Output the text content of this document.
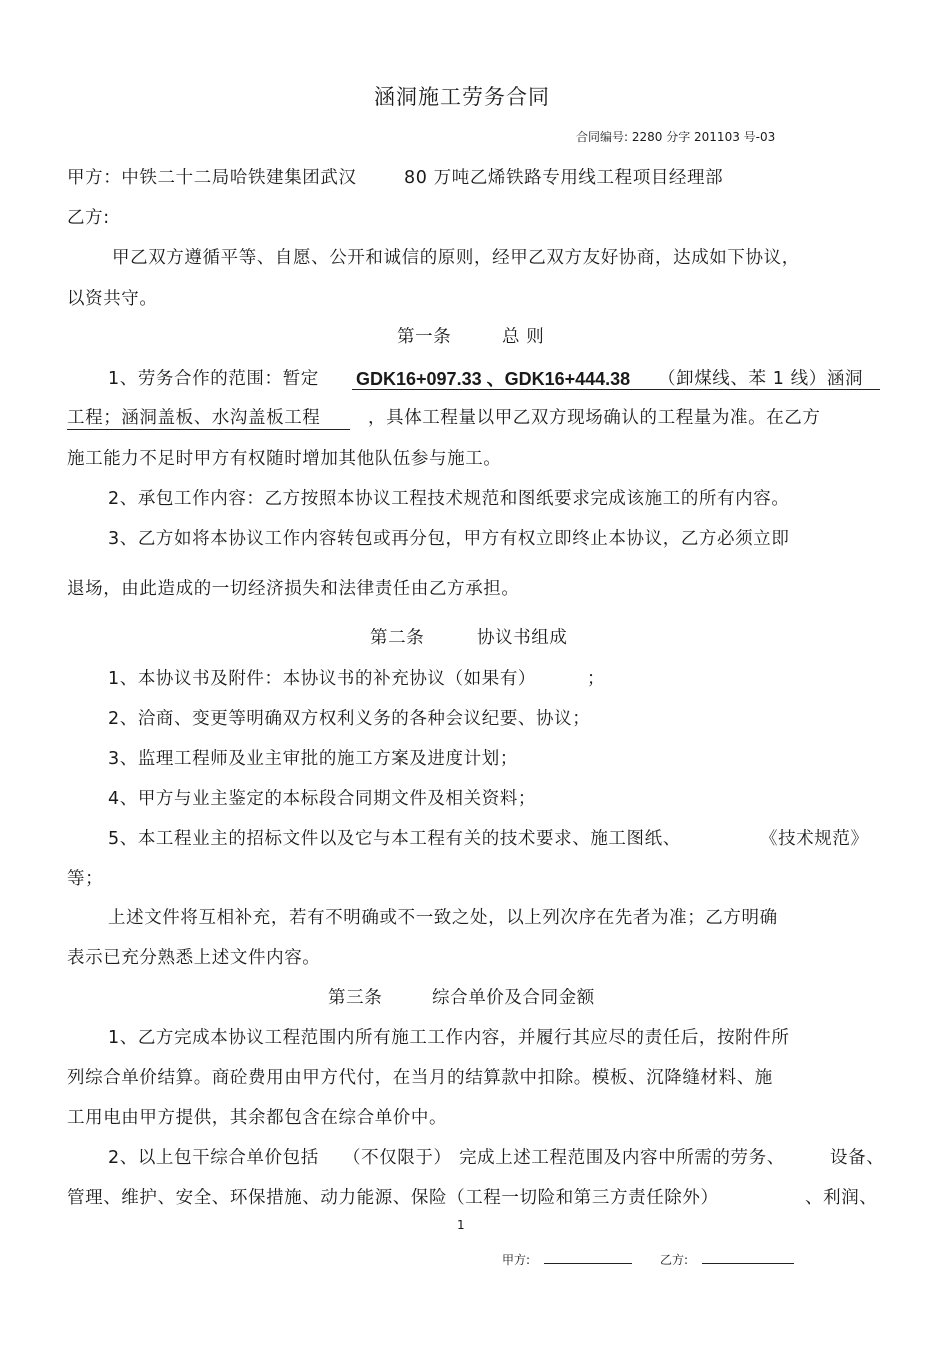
涵洞施工劳务合同
合同编号: 2280 分字 201103 号-03
甲方：中铁二十二局哈铁建集团武汉	80 万吨乙烯铁路专用线工程项目经理部
乙方:
甲乙双方遵循平等、自愿、公开和诚信的原则，经甲乙双方友好协商，达成如下协议，
以资共守。
第一条	总 则
1、劳务合作的范围：暂定 GDK16+097.33 、GDK16+444.38 （卸煤线、苯 1 线）涵洞
工程；涵洞盖板、水沟盖板工程	，具体工程量以甲乙双方现场确认的工程量为准。在乙方
施工能力不足时甲方有权随时增加其他队伍参与施工。
2、承包工作内容：乙方按照本协议工程技术规范和图纸要求完成该施工的所有内容。
3、乙方如将本协议工作内容转包或再分包，甲方有权立即终止本协议，乙方必须立即
退场，由此造成的一切经济损失和法律责任由乙方承担。
第二条	协议书组成
1、本协议书及附件：本协议书的补充协议（如果有）	；
2、洽商、变更等明确双方权利义务的各种会议纪要、协议；
3、监理工程师及业主审批的施工方案及进度计划；
4、甲方与业主鉴定的本标段合同期文件及相关资料；
5、本工程业主的招标文件以及它与本工程有关的技术要求、施工图纸、	《技术规范》
等；
上述文件将互相补充，若有不明确或不一致之处，以上列次序在先者为准；乙方明确
表示已充分熟悉上述文件内容。
第三条	综合单价及合同金额
1、乙方完成本协议工程范围内所有施工工作内容，并履行其应尽的责任后，按附件所
列综合单价结算。商砼费用由甲方代付，在当月的结算款中扣除。模板、沉降缝材料、施
工用电由甲方提供，其余都包含在综合单价中。
2、以上包干综合单价包括 （不仅限于） 完成上述工程范围及内容中所需的劳务、	设备、
管理、维护、安全、环保措施、动力能源、保险（工程一切险和第三方责任除外）	、利润、
1
甲方:	乙方:
